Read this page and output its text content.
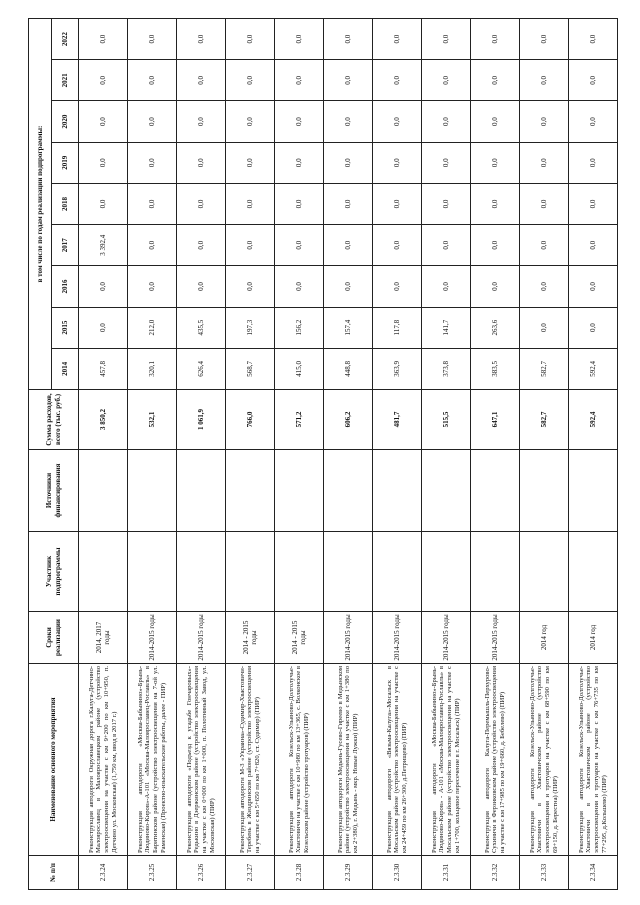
№ п/п	Наименование основного мероприятия	Сроки реализации	Участник подпрограммы	Источники финансирования	Сумма расходов, всего (тыс. руб.)	в том числе по годам реализации подпрограммы:								
						2014	2015	2016	2017	2018	2019	2020	2021	2022
2.3.24	Реконструкция автодороги Окружная дорога г.Калуга-Детчино-Малоярославец в Малоярославецком районе (устройство электроосвещения на участке с км 9+200 по км 10+950, п. Детчино ул. Московская) (1,750 км, ввод в 2017 г.)	2014, 2017 годы			3 850,2	457,8	0,0	0,0	3 392,4	0,0	0,0	0,0	0,0	0,0
2.3.25	Реконструкция автодороги «Москва-Бабынино»-Брынь-Людиново-Киров»-А-101 «Москва-Малоярославец-Рославль» в Барятинском районе (устройство электроосвещения на 7-ой ул. Раменская) (Проектно-изыскательские работы, далее - ПИР)	2014-2015 годы			532,1	320,1	212,0	0,0	0,0	0,0	0,0	0,0	0,0	0,0
2.3.26	Реконструкция автодороги «Подъезд к усадьбе Гончаровых»-Редькино в Дзержинском районе (устройство электроосвещения на участке с км 0+000 по км 1+000, п. Полотняный Завод, ул. Московская) (ПИР)	2014-2015 годы			1 061,9	626,4	435,5	0,0	0,0	0,0	0,0	0,0	0,0	0,0
2.3.27	Реконструкция автодороги М-3 «Украина»-Судимир-Хвастовичи-Теребень в Жиздринском районе (устройство электроосвещения на участке с км 5+650 по км 7+820, ст. Судимир) (ПИР)	2014 - 2015 годы			766,0	568,7	197,3	0,0	0,0	0,0	0,0	0,0	0,0	0,0
2.3.28	Реконструкция автодороги Козельск-Ульяново-Долголучье-Хвастовичи на участке с км 10+980 по км 13+365, с. Волконское в Козельском районе (устройство тротуаров) (ПИР)	2014 - 2015 годы			571,2	415,0	156,2	0,0	0,0	0,0	0,0	0,0	0,0	0,0
2.3.29	Реконструкция автодороги Медынь-Гусево-Гиреево в Медынском районе (устройство электроосвещения на участке с км 1+380 по км 2+380), г. Медынь - мкр. Новые Лужки) (ПИР)	2014-2015 годы			606,2	448,8	157,4	0,0	0,0	0,0	0,0	0,0	0,0	0,0
2.3.30	Реконструкция автодороги «Вязьма-Калуга»-Мосальск в Мосальском районе (устройство электроосвещения на участке с км 24+459 по км 26+300, д.Петрищево) (ПИР)	2014-2015 годы			481,7	363,9	117,8	0,0	0,0	0,0	0,0	0,0	0,0	0,0
2.3.31	Реконструкция автодороги «Москва-Бабынино»-Брынь-Людиново-Киров» - А-101 «Москва-Малоярославец-Рославль» в Мосальском районе (устройство электроосвещения на участке с км 1+700, кольцевое пересечение в г. Мосальск) (ПИР)	2014-2015 годы			515,5	373,8	141,7	0,0	0,0	0,0	0,0	0,0	0,0	0,0
2.3.32	Реконструкция автодороги Калуга-Перемышль-Перхурово-Сухиничи в Ферзиковском районе (устройство электроосвещения на участке с км 17+985 по км 19+660, д. Бебелево) (ПИР)	2014-2015 годы			647,1	383,5	263,6	0,0	0,0	0,0	0,0	0,0	0,0	0,0
2.3.33	Реконструкция автодороги Козельск-Ульяново-Долголучье-Хвастовичи в Хвастовичском районе (устройство электроосвещения и тротуаров на участке с км 68+590 по км 69+150, д. Берестна) (ПИР)	2014 год			582,7	582,7	0,0	0,0	0,0	0,0	0,0	0,0	0,0	0,0
2.3.34	Реконструкция автодороги Козельск-Ульяново-Долголучье-Хвастовичи в Хвастовичском районе (устройство электроосвещения и тротуаров на участке с км 76+735 по км 77+295, д.Кольшево) (ПИР)	2014 год			592,4	592,4	0,0	0,0	0,0	0,0	0,0	0,0	0,0	0,0
